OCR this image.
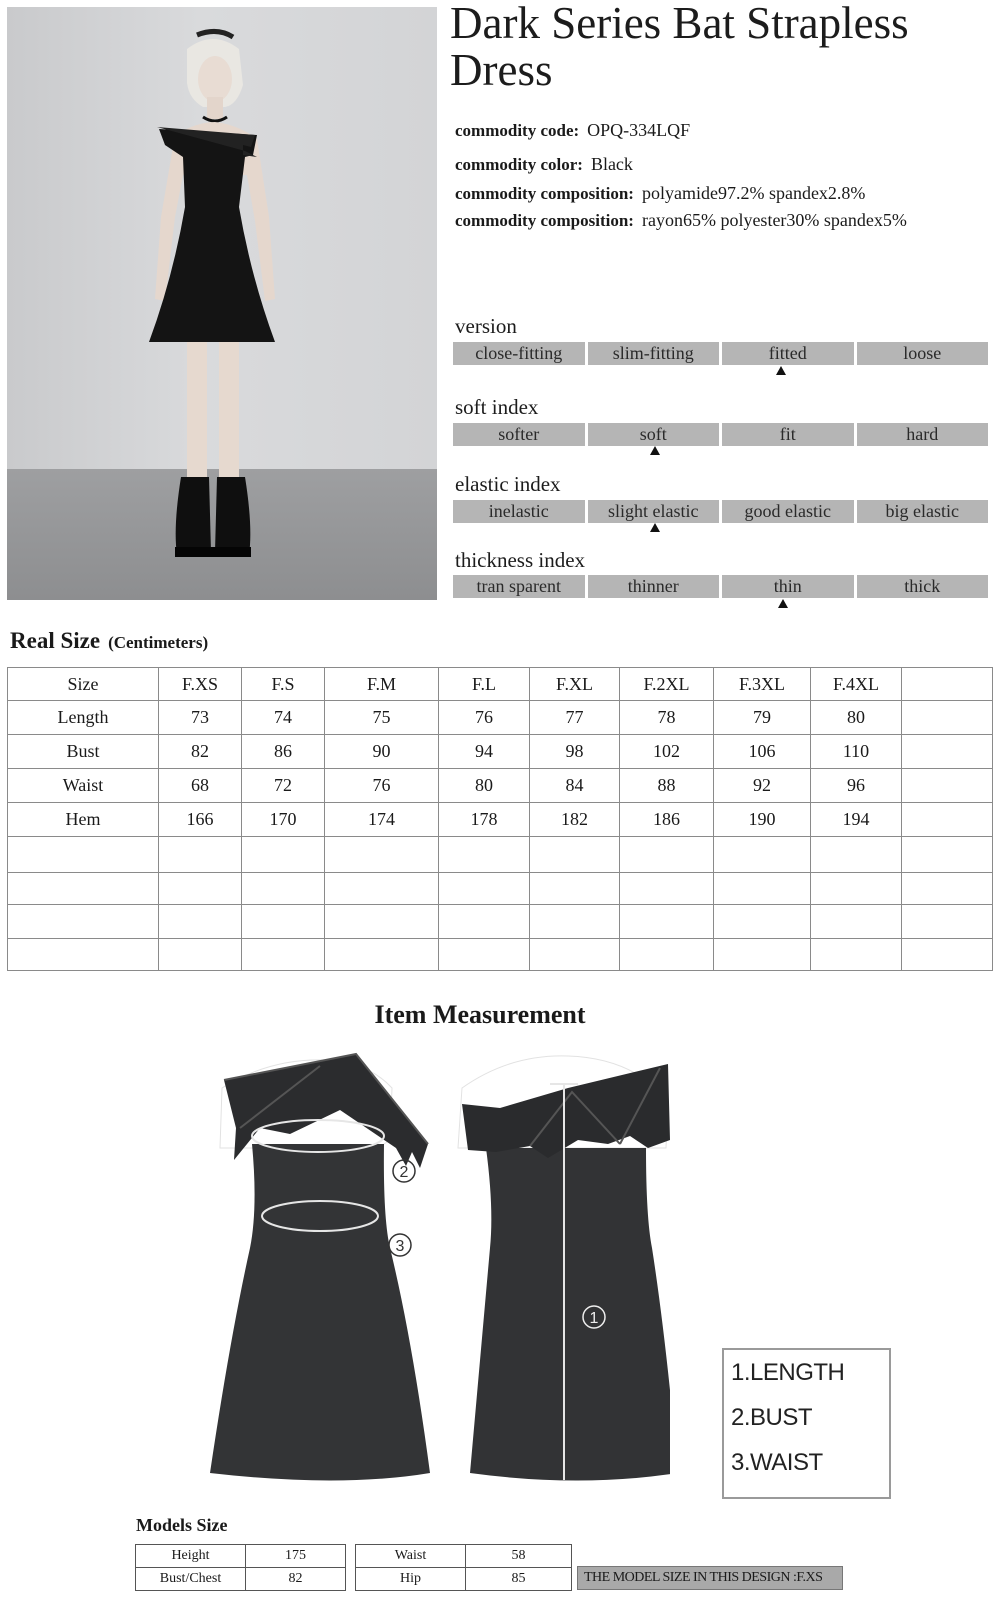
Dark Series Bat Strapless Dress
commodity code: OPQ-334LQF
commodity color: Black
commodity composition: polyamide97.2% spandex2.8%
commodity composition: rayon65% polyester30% spandex5%
version
close-fitting	slim-fitting	fitted	loose
soft index
softer	soft	fit	hard
elastic index
inelastic	slight elastic	good elastic	big elastic
thickness index
tran sparent	thinner	thin	thick
Real Size (Centimeters)
Size	F.XS	F.S	F.M	F.L	F.XL	F.2XL	F.3XL	F.4XL	
Length	73	74	75	76	77	78	79	80	
Bust	82	86	90	94	98	102	106	110	
Waist	68	72	76	80	84	88	92	96	
Hem	166	170	174	178	182	186	190	194	

Item Measurement
1
2
3
1.LENGTH
2.BUST
3.WAIST
Models Size
Height	175
Bust/Chest	82
Waist	58
Hip	85	THE MODEL SIZE IN THIS DESIGN :F.XS
